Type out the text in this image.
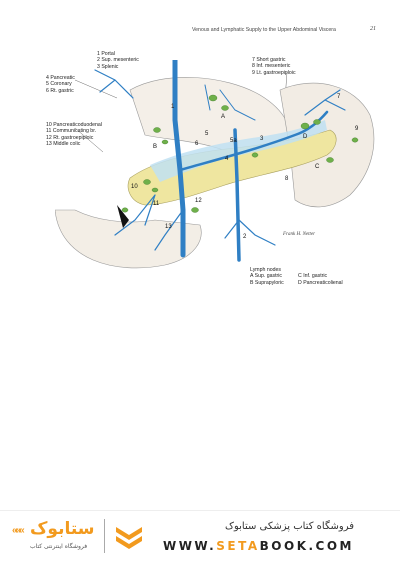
Venous and Lymphatic Supply to the Upper Abdominal Viscera	21
1 Portal
2 Sup. mesenteric
3 Splenic
7 Short gastric
8 Inf. mesenteric
9 Lt. gastroepiploic
4 Pancreatic
5 Coronary
6 Rt. gastric
10 Pancreaticoduodenal
11 Communicating br.
12 Rt. gastroepiploic
13 Middle colic
1
2
3
4
5
5a
6
7
8
9
10
11	12
13
A
B
C
D
Frank H. Netter
Lymph nodes
A Sup. gastric	C Inf. gastric
B Suprapyloric	D Pancreaticolienal
««« ستابوک
فروشگاه اینترنتی کتاب
فروشگاه کتاب پزشکی ستابوک
WWW.SETABOOK.COM
